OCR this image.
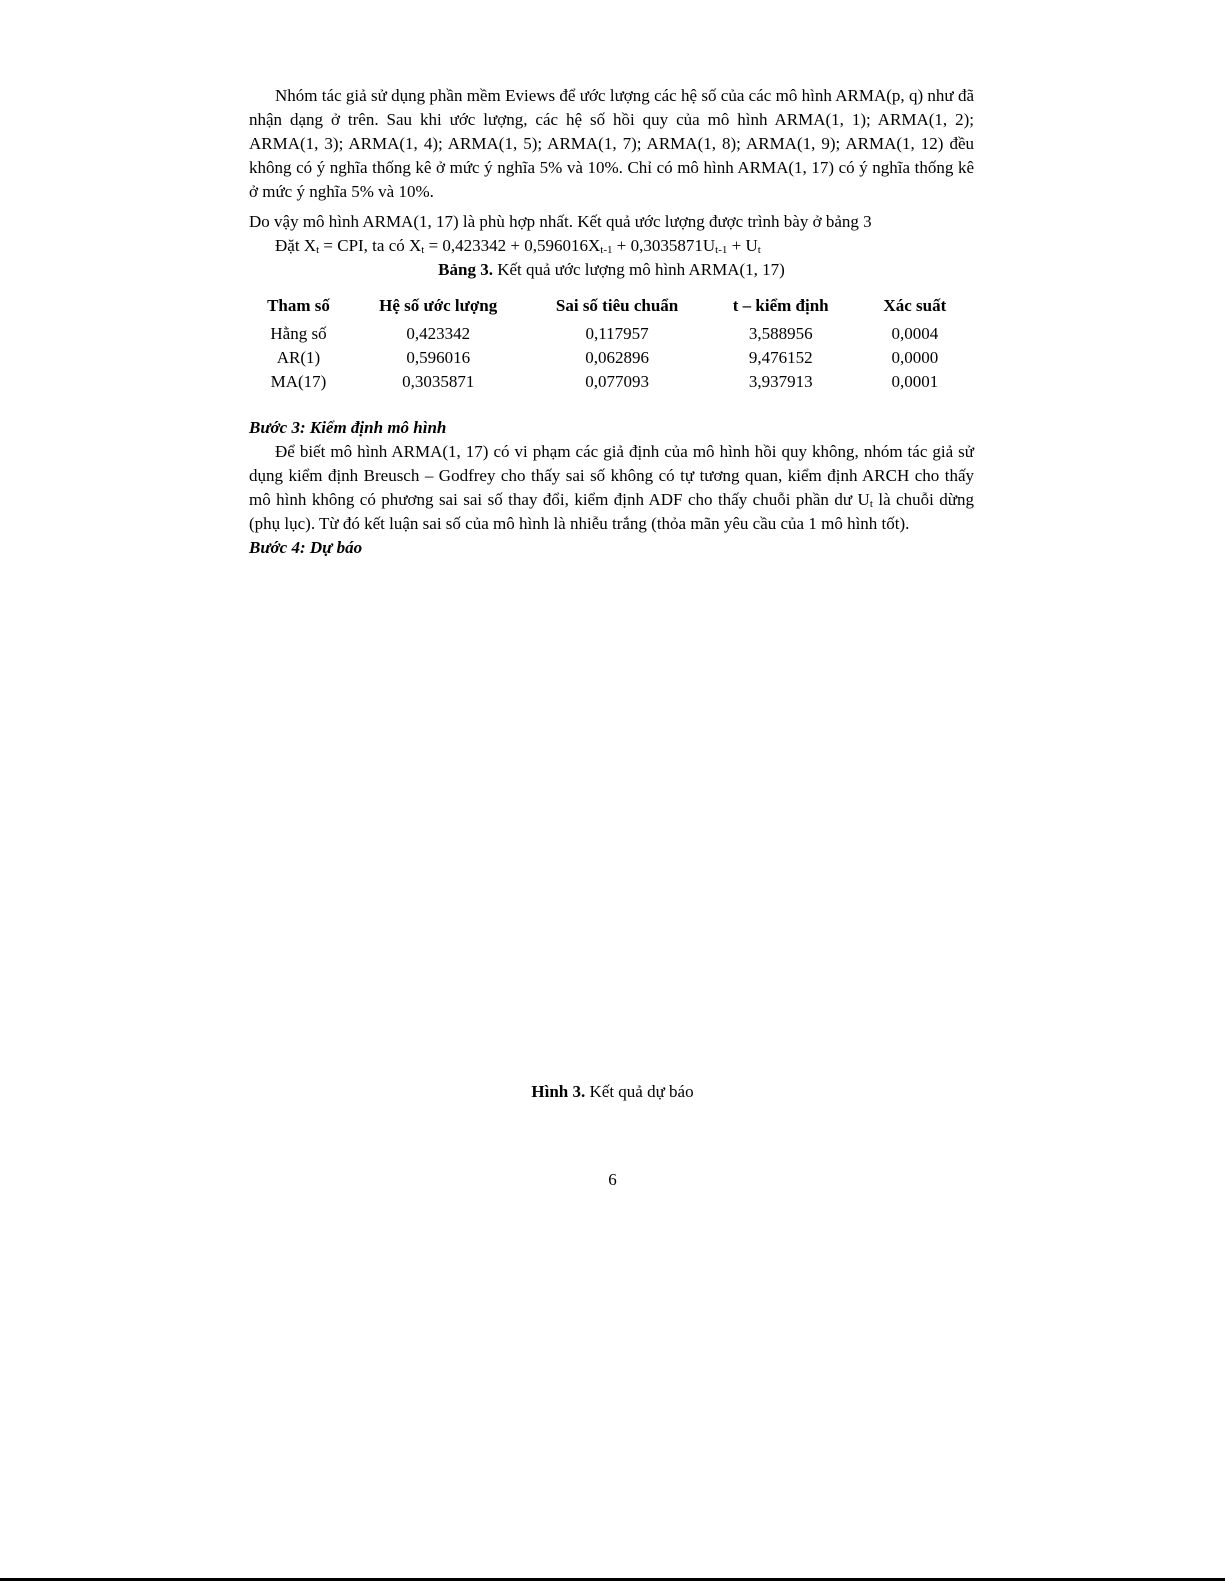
Nhóm tác giả sử dụng phần mềm Eviews để ước lượng các hệ số của các mô hình ARMA(p, q) như đã nhận dạng ở trên. Sau khi ước lượng, các hệ số hồi quy của mô hình ARMA(1, 1); ARMA(1, 2); ARMA(1, 3); ARMA(1, 4); ARMA(1, 5); ARMA(1, 7); ARMA(1, 8); ARMA(1, 9); ARMA(1, 12) đều không có ý nghĩa thống kê ở mức ý nghĩa 5% và 10%. Chỉ có mô hình ARMA(1, 17) có ý nghĩa thống kê ở mức ý nghĩa 5% và 10%.

Do vậy mô hình ARMA(1, 17) là phù hợp nhất. Kết quả ước lượng được trình bày ở bảng 3

Đặt $X_t$ = CPI, ta có $X_t = 0,423342 + 0,596016X_{t-1} + 0,3035871U_{t-1} + U_t$

Bảng 3. Kết quả ước lượng mô hình ARMA(1, 17)

Tham số	Hệ số ước lượng	Sai số tiêu chuẩn	t – kiểm định	Xác suất
Hằng số	0,423342	0,117957	3,588956	0,0004
AR(1)	0,596016	0,062896	9,476152	0,0000
MA(17)	0,3035871	0,077093	3,937913	0,0001

Bước 3: Kiểm định mô hình

Để biết mô hình ARMA(1, 17) có vi phạm các giả định của mô hình hồi quy không, nhóm tác giả sử dụng kiểm định Breusch – Godfrey cho thấy sai số không có tự tương quan, kiểm định ARCH cho thấy mô hình không có phương sai sai số thay đổi, kiểm định ADF cho thấy chuỗi phần dư $U_t$ là chuỗi dừng (phụ lục). Từ đó kết luận sai số của mô hình là nhiễu trắng (thỏa mãn yêu cầu của 1 mô hình tốt).

Bước 4: Dự báo

Hình 3. Kết quả dự báo
6
